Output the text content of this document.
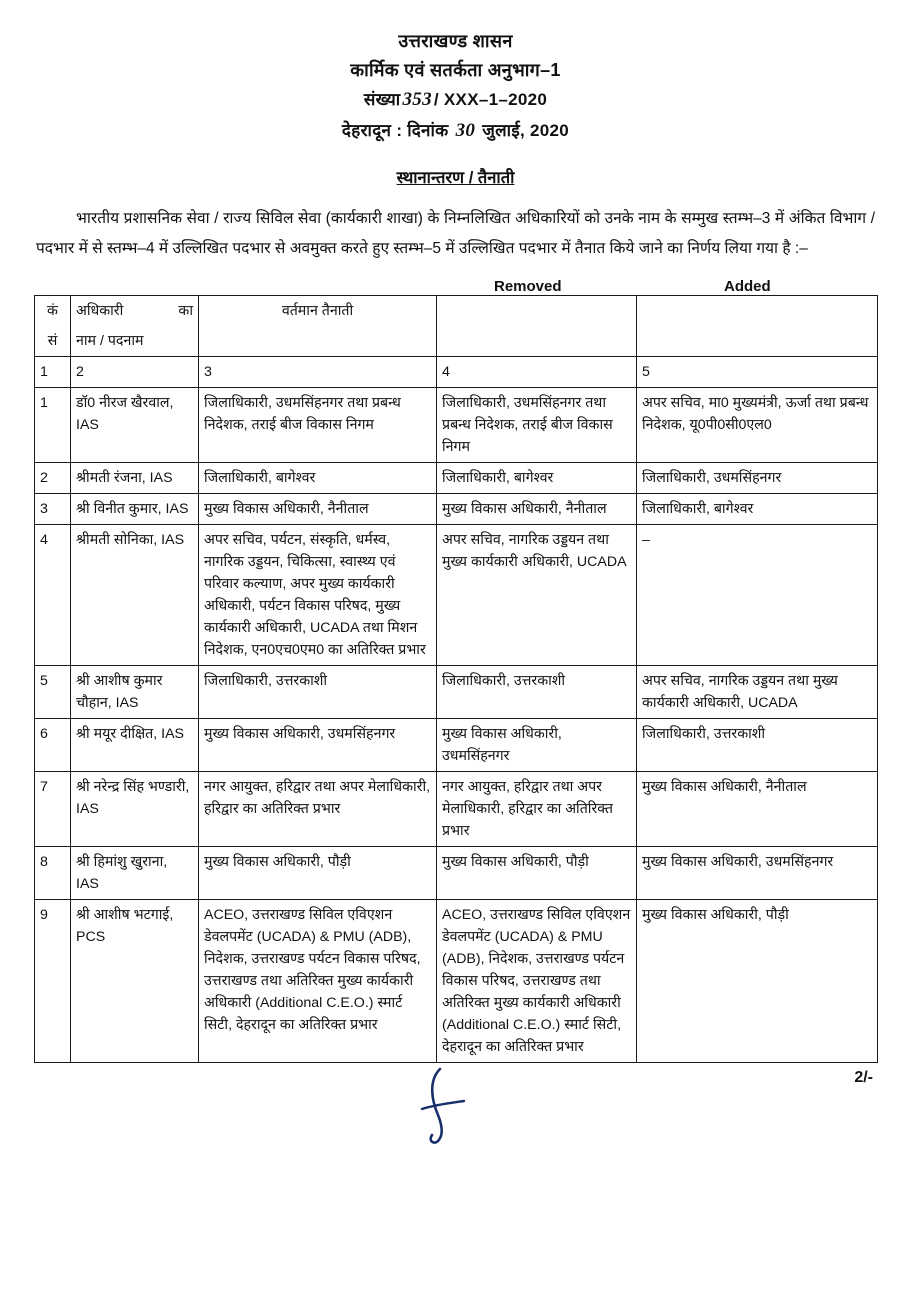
उत्तराखण्ड शासन
कार्मिक एवं सतर्कता अनुभाग–1
संख्या 353 / XXX–1–2020
देहरादून : दिनांक 30 जुलाई, 2020
स्थानान्तरण / तैनाती

भारतीय प्रशासनिक सेवा / राज्य सिविल सेवा (कार्यकारी शाखा) के निम्नलिखित अधिकारियों को उनके नाम के सम्मुख स्तम्भ–3 में अंकित विभाग / पदभार में से स्तम्भ–4 में उल्लिखित पदभार से अवमुक्त करते हुए स्तम्भ–5 में उल्लिखित पदभार में तैनात किये जाने का निर्णय लिया गया है :–

Removed	Added
कं	अधिकारी का	वर्तमान तैनाती		
सं	नाम / पदनाम			
1	2	3	4	5
1	डॉ0 नीरज खैरवाल, IAS	जिलाधिकारी, उधमसिंहनगर तथा प्रबन्ध निदेशक, तराई बीज विकास निगम	जिलाधिकारी, उधमसिंहनगर तथा प्रबन्ध निदेशक, तराई बीज विकास निगम	अपर सचिव, मा0 मुख्यमंत्री, ऊर्जा तथा प्रबन्ध निदेशक, यू0पी0सी0एल0
2	श्रीमती रंजना, IAS	जिलाधिकारी, बागेश्वर	जिलाधिकारी, बागेश्वर	जिलाधिकारी, उधमसिंहनगर
3	श्री विनीत कुमार, IAS	मुख्य विकास अधिकारी, नैनीताल	मुख्य विकास अधिकारी, नैनीताल	जिलाधिकारी, बागेश्वर
4	श्रीमती सोनिका, IAS	अपर सचिव, पर्यटन, संस्कृति, धर्मस्व, नागरिक उड्डयन, चिकित्सा, स्वास्थ्य एवं परिवार कल्याण, अपर मुख्य कार्यकारी अधिकारी, पर्यटन विकास परिषद, मुख्य कार्यकारी अधिकारी, UCADA तथा मिशन निदेशक, एन0एच0एम0 का अतिरिक्त प्रभार	अपर सचिव, नागरिक उड्डयन तथा मुख्य कार्यकारी अधिकारी, UCADA	–
5	श्री आशीष कुमार चौहान, IAS	जिलाधिकारी, उत्तरकाशी	जिलाधिकारी, उत्तरकाशी	अपर सचिव, नागरिक उड्डयन तथा मुख्य कार्यकारी अधिकारी, UCADA
6	श्री मयूर दीक्षित, IAS	मुख्य विकास अधिकारी, उधमसिंहनगर	मुख्य विकास अधिकारी, उधमसिंहनगर	जिलाधिकारी, उत्तरकाशी
7	श्री नरेन्द्र सिंह भण्डारी, IAS	नगर आयुक्त, हरिद्वार तथा अपर मेलाधिकारी, हरिद्वार का अतिरिक्त प्रभार	नगर आयुक्त, हरिद्वार तथा अपर मेलाधिकारी, हरिद्वार का अतिरिक्त प्रभार	मुख्य विकास अधिकारी, नैनीताल
8	श्री हिमांशु खुराना, IAS	मुख्य विकास अधिकारी, पौड़ी	मुख्य विकास अधिकारी, पौड़ी	मुख्य विकास अधिकारी, उधमसिंहनगर
9	श्री आशीष भटगाई, PCS	ACEO, उत्तराखण्ड सिविल एविएशन डेवलपमेंट (UCADA) & PMU (ADB), निदेशक, उत्तराखण्ड पर्यटन विकास परिषद, उत्तराखण्ड तथा अतिरिक्त मुख्य कार्यकारी अधिकारी (Additional C.E.O.) स्मार्ट सिटी, देहरादून का अतिरिक्त प्रभार	ACEO, उत्तराखण्ड सिविल एविएशन डेवलपमेंट (UCADA) & PMU (ADB), निदेशक, उत्तराखण्ड पर्यटन विकास परिषद, उत्तराखण्ड तथा अतिरिक्त मुख्य कार्यकारी अधिकारी (Additional C.E.O.) स्मार्ट सिटी, देहरादून का अतिरिक्त प्रभार	मुख्य विकास अधिकारी, पौड़ी
2/-
